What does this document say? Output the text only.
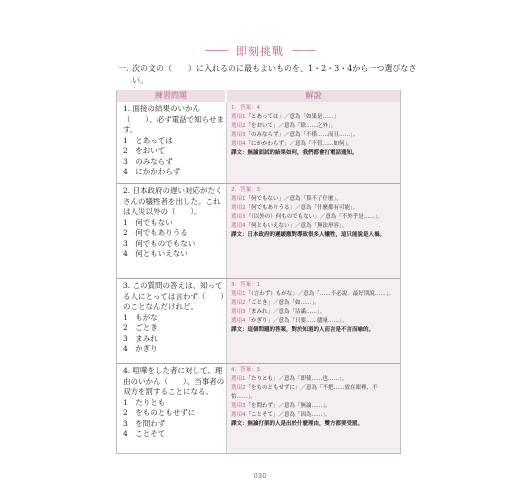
即刻挑戰
一．
次の文の（　　）に入れるのに最もよいものを、1・2・3・4から一つ選びなさい。
練習問題	解說
1. 面接の結果のいかん（　　）、必ず電話で知らせます。
1　とあっては
2　をおいて
3　のみならず
4　にかかわらず
1．答案：4
選項1「とあっては」／意為「如果是……」
選項2「をおいて」／意為「除……之外」。
選項3「のみならず」／意為「不僅……而且……」。
選項4「にかかわらず」／意為「不管……如何」。
譯文：無論面試的結果如何，我們都會打電話通知。
2. 日本政府の遅い対応がたくさんの犠牲者を出した。これは人災以外の（　　）。
1　何でもない
2　何でもありうる
3　何でものでもない
4　何ともいえない
2．答案：3
選項1「何でもない」／意為「算不了什麼」。
選項2「何でもありうる」／意為「什麼都有可能」。
選項3「（以外の）何ものでもない」／意為「不外乎是……」。
選項4「何ともいえない」／意為「無法形容」。
譯文：日本政府的遲緩應對導致很多人犧牲，這只能說是人禍。
3. この質問の答えは、知ってる人にとっては言わず（　　）のことなんだけれど。
1　もがな
2　ごとき
3　まみれ
4　かぎり
3．答案：1
選項1「（言わず）もがな」／意為「……不必說．最好別說……」。
選項2「ごとき」／意為「如……」。
選項3「まみれ」／意為「沾滿……」。
選項4「かぎり」／意為「只要……儘量……」。
譯文：這個問題的答案，對於知道的人而言是不言而喻的。
4. 喧嘩をした者に対して、理由のいかん（　　）、当事者の双方を罰することになる。
1　たりとも
2　をものともせずに
3　を問わず
4　ことそて
4．答案：3
選項1「たりとも」／意為「即使……也……」。
選項2「をものともせずに」／意為「不把……放在眼裡、不怕……」。
選項3「を問わず」／意為「無論……」。
選項4「ことそて」／意為「因為……」。
譯文：無論打架的人是出於什麼理由，雙方都要受罰。
030
